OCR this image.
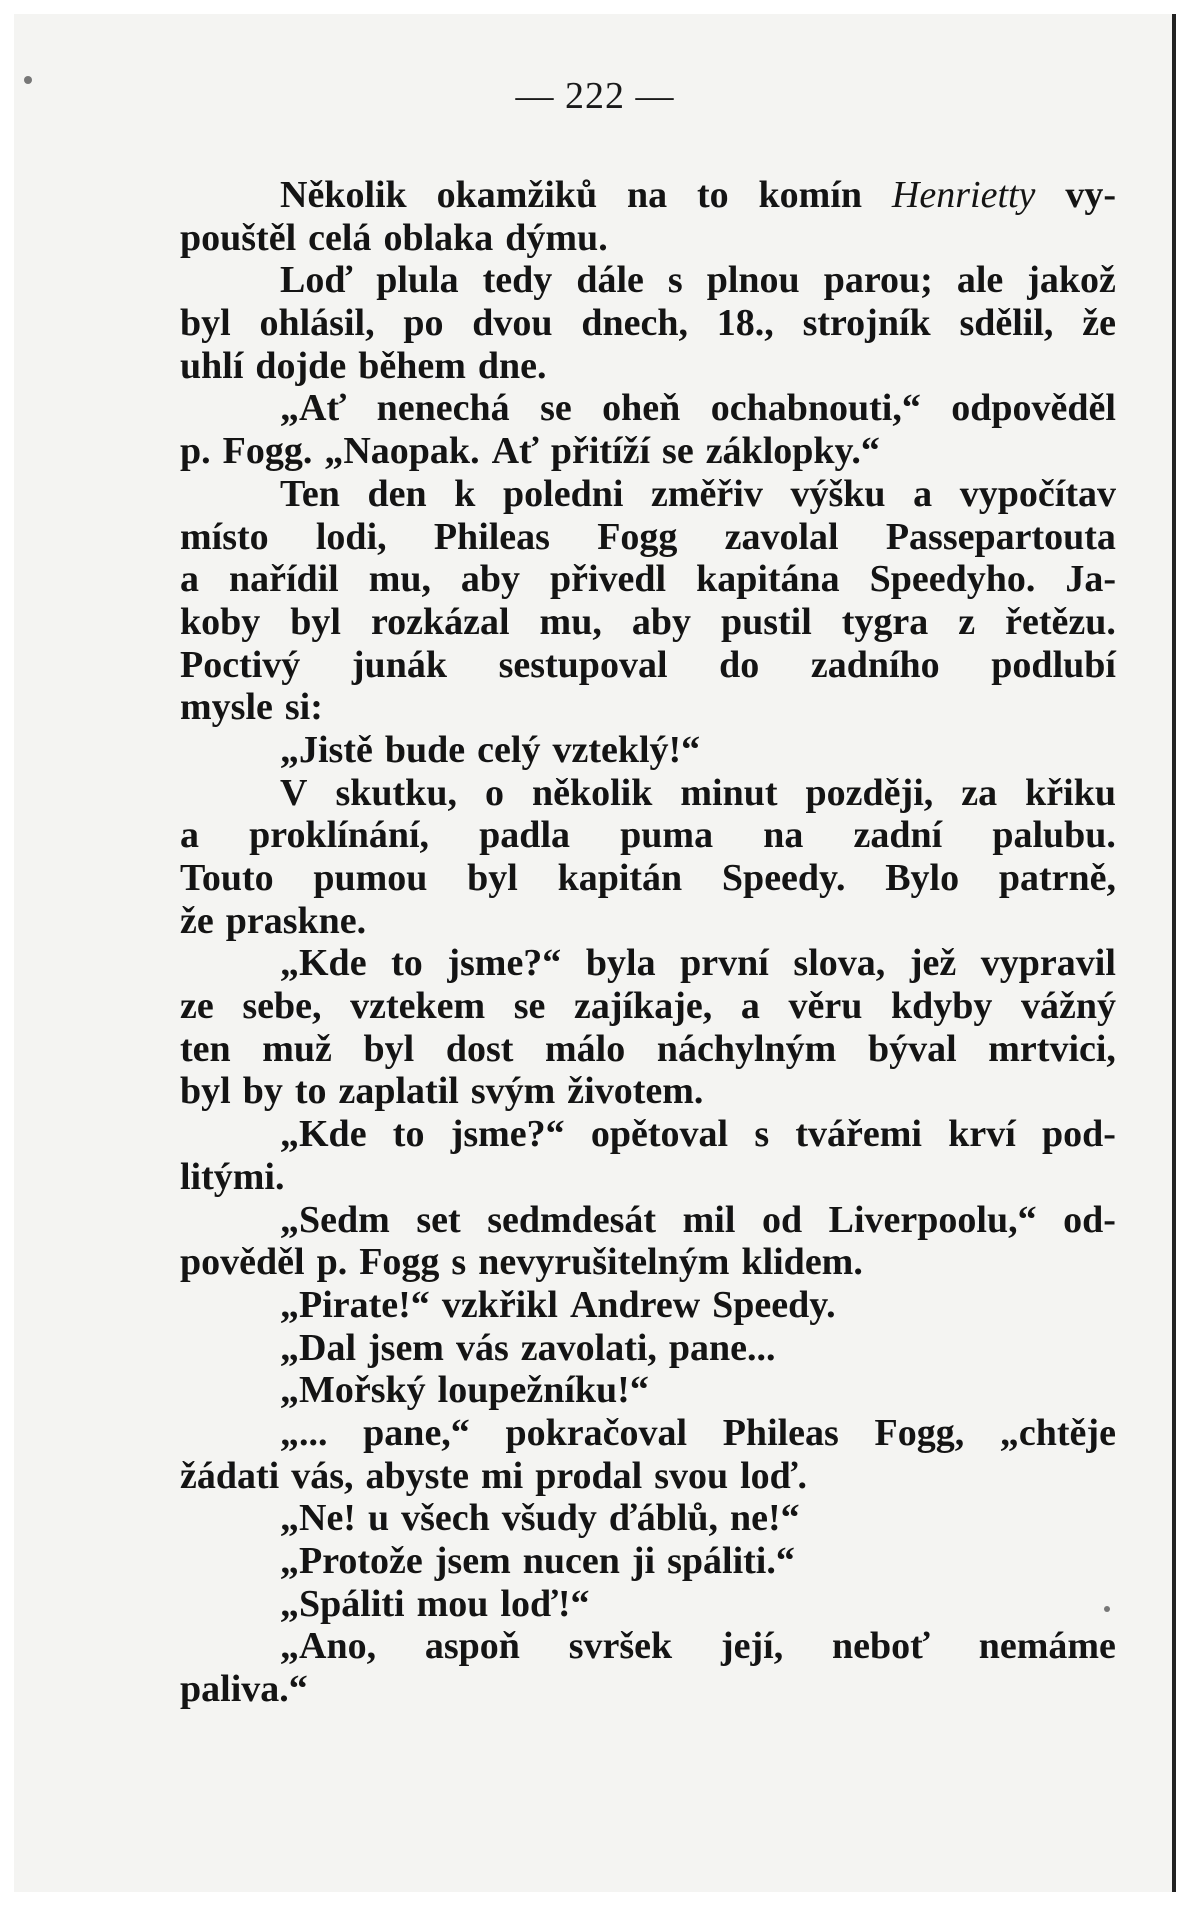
— 222 —
Několik okamžiků na to komín Henrietty vy-
pouštěl celá oblaka dýmu.
Loď plula tedy dále s plnou parou; ale jakož
byl ohlásil, po dvou dnech, 18., strojník sdělil, že
uhlí dojde během dne.
„Ať nenechá se oheň ochabnouti,“ odpověděl
p. Fogg. „Naopak. Ať přitíží se záklopky.“
Ten den k poledni změřiv výšku a vypočítav
místo lodi, Phileas Fogg zavolal Passepartouta
a nařídil mu, aby přivedl kapitána Speedyho. Ja-
koby byl rozkázal mu, aby pustil tygra z řetězu.
Poctivý junák sestupoval do zadního podlubí
mysle si:
„Jistě bude celý vzteklý!“
V skutku, o několik minut později, za křiku
a proklínání, padla puma na zadní palubu.
Touto pumou byl kapitán Speedy. Bylo patrně,
že praskne.
„Kde to jsme?“ byla první slova, jež vypravil
ze sebe, vztekem se zajíkaje, a věru kdyby vážný
ten muž byl dost málo náchylným býval mrtvici,
byl by to zaplatil svým životem.
„Kde to jsme?“ opětoval s tvářemi krví pod-
litými.
„Sedm set sedmdesát mil od Liverpoolu,“ od-
pověděl p. Fogg s nevyrušitelným klidem.
„Pirate!“ vzkřikl Andrew Speedy.
„Dal jsem vás zavolati, pane...
„Mořský loupežníku!“
„... pane,“ pokračoval Phileas Fogg, „chtěje
žádati vás, abyste mi prodal svou loď.
„Ne! u všech všudy ďáblů, ne!“
„Protože jsem nucen ji spáliti.“
„Spáliti mou loď!“
„Ano, aspoň svršek její, neboť nemáme
paliva.“
